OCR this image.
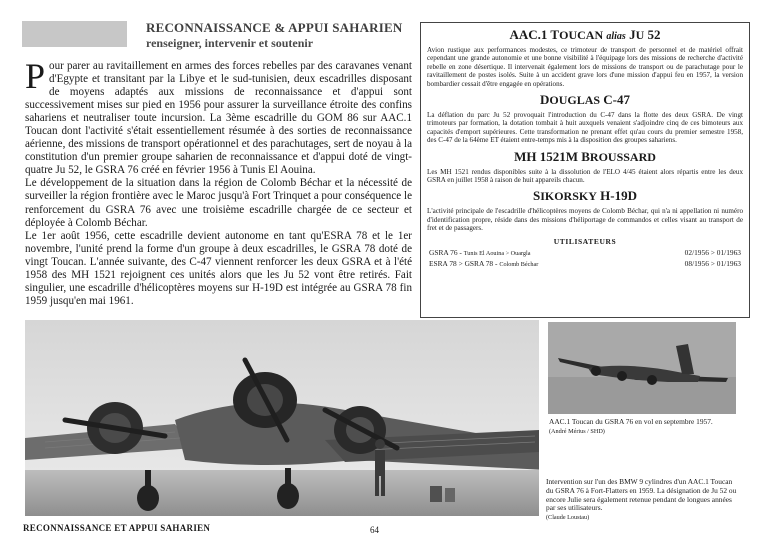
RECONNAISSANCE & APPUI SAHARIEN
renseigner, intervenir et soutenir

Pour parer au ravitaillement en armes des forces rebelles par des caravanes venant d'Egypte et transitant par la Libye et le sud-tunisien, deux escadrilles disposant de moyens adaptés aux missions de reconnaissance et d'appui sont successivement mises sur pied en 1956 pour assurer la surveillance étroite des confins sahariens et neutraliser toute incursion. La 3ème escadrille du GOM 86 sur AAC.1 Toucan dont l'activité s'était essentiellement résumée à des sorties de reconnaissance aérienne, des missions de transport opérationnel et des parachutages, sert de noyau à la constitution d'un premier groupe saharien de reconnaissance et d'appui doté de vingt-quatre Ju 52, le GSRA 76 créé en février 1956 à Tunis El Aouina.

Le développement de la situation dans la région de Colomb Béchar et la nécessité de surveiller la région frontière avec le Maroc jusqu'à Fort Trinquet a pour conséquence le renforcement du GSRA 76 avec une troisième escadrille chargée de ce secteur et déployée à Colomb Béchar.

Le 1er août 1956, cette escadrille devient autonome en tant qu'ESRA 78 et le 1er novembre, l'unité prend la forme d'un groupe à deux escadrilles, le GSRA 78 doté de vingt Toucan. L'année suivante, des C-47 viennent renforcer les deux GSRA et à l'été 1958 des MH 1521 rejoignent ces unités alors que les Ju 52 vont être retirés. Fait singulier, une escadrille d'hélicoptères moyens sur H-19D est intégrée au GSRA 78 fin 1959 jusqu'en mai 1961.

AAC.1 TOUCAN alias JU 52

Avion rustique aux performances modestes, ce trimoteur de transport de personnel et de matériel offrait cependant une grande autonomie et une bonne visibilité à l'équipage lors des missions de recherche d'activité rebelle en zone désertique. Il intervenait également lors de missions de transport ou de parachutage pour le ravitaillement de postes isolés. Suite à un accident grave lors d'une mission d'appui feu en 1957, la version bombardier cessait d'être engagée en opérations.

DOUGLAS C-47

La déflation du parc Ju 52 provoquait l'introduction du C-47 dans la flotte des deux GSRA. De vingt trimoteurs par formation, la dotation tombait à huit auxquels venaient s'adjoindre cinq de ces bimoteurs aux capacités d'emport supérieures. Cette transformation ne prenant effet qu'au cours du premier semestre 1958, des C-47 de la 64ème ET étaient entre-temps mis à la disposition des groupes sahariens.

MH 1521M BROUSSARD

Les MH 1521 rendus disponibles suite à la dissolution de l'ELO 4/45 étaient alors répartis entre les deux GSRA en juillet 1958 à raison de huit appareils chacun.

SIKORSKY H-19D

L'activité principale de l'escadrille d'hélicoptères moyens de Colomb Béchar, qui n'a ni appellation ni numéro d'identification propre, réside dans des missions d'héliportage de commandos et celles visant au transport de fret et de passagers.

UTILISATEURS
GSRA 76 - Tunis El Aouina > Ouargla	02/1956 > 01/1963
ESRA 78 > GSRA 78 - Colomb Béchar	08/1956 > 01/1963
AAC.1 Toucan du GSRA 76 en vol en septembre 1957.
(André Mérius / SHD)
Intervention sur l'un des BMW 9 cylindres d'un AAC.1 Toucan du GSRA 76 à Fort-Flatters en 1959. La désignation de Ju 52 ou encore Julie sera également retenue pendant de longues années par ses utilisateurs.
(Claude Loustau)
RECONNAISSANCE ET APPUI SAHARIEN	64
